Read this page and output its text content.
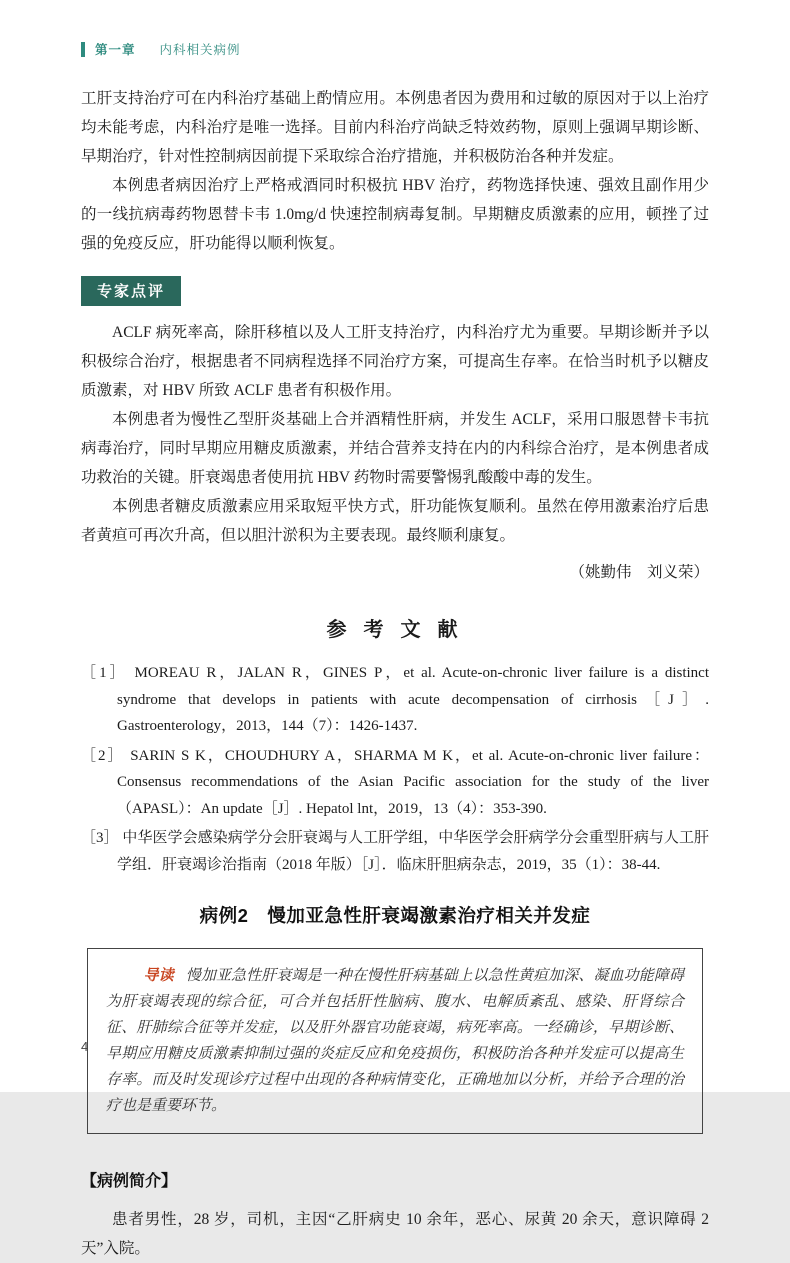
第一章 内科相关病例

工肝支持治疗可在内科治疗基础上酌情应用。本例患者因为费用和过敏的原因对于以上治疗均未能考虑，内科治疗是唯一选择。目前内科治疗尚缺乏特效药物，原则上强调早期诊断、早期治疗，针对性控制病因前提下采取综合治疗措施，并积极防治各种并发症。

本例患者病因治疗上严格戒酒同时积极抗 HBV 治疗，药物选择快速、强效且副作用少的一线抗病毒药物恩替卡韦 1.0mg/d 快速控制病毒复制。早期糖皮质激素的应用，顿挫了过强的免疫反应，肝功能得以顺利恢复。

专家点评

ACLF 病死率高，除肝移植以及人工肝支持治疗，内科治疗尤为重要。早期诊断并予以积极综合治疗，根据患者不同病程选择不同治疗方案，可提高生存率。在恰当时机予以糖皮质激素，对 HBV 所致 ACLF 患者有积极作用。

本例患者为慢性乙型肝炎基础上合并酒精性肝病，并发生 ACLF，采用口服恩替卡韦抗病毒治疗，同时早期应用糖皮质激素，并结合营养支持在内的内科综合治疗，是本例患者成功救治的关键。肝衰竭患者使用抗 HBV 药物时需要警惕乳酸酸中毒的发生。

本例患者糖皮质激素应用采取短平快方式，肝功能恢复顺利。虽然在停用激素治疗后患者黄疸可再次升高，但以胆汁淤积为主要表现。最终顺利康复。

（姚勤伟　刘义荣）

参 考 文 献
［1］ MOREAU R，JALAN R，GINES P，et al. Acute-on-chronic liver failure is a distinct syndrome that develops in patients with acute decompensation of cirrhosis［J］. Gastroenterology，2013，144（7）：1426-1437.
［2］ SARIN S K，CHOUDHURY A，SHARMA M K，et al. Acute-on-chronic liver failure：Consensus recommendations of the Asian Pacific association for the study of the liver（APASL）：An update［J］. Hepatol lnt，2019，13（4）：353-390.
［3］ 中华医学会感染病学分会肝衰竭与人工肝学组，中华医学会肝病学分会重型肝病与人工肝学组．肝衰竭诊治指南（2018 年版）［J］．临床肝胆病杂志，2019，35（1）：38-44.
病例2　慢加亚急性肝衰竭激素治疗相关并发症

导读 慢加亚急性肝衰竭是一种在慢性肝病基础上以急性黄疸加深、凝血功能障碍为肝衰竭表现的综合征，可合并包括肝性脑病、腹水、电解质紊乱、感染、肝肾综合征、肝肺综合征等并发症，以及肝外器官功能衰竭，病死率高。一经确诊，早期诊断、早期应用糖皮质激素抑制过强的炎症反应和免疫损伤，积极防治各种并发症可以提高生存率。而及时发现诊疗过程中出现的各种病情变化，正确地加以分析，并给予合理的治疗也是重要环节。

【病例简介】

患者男性，28 岁，司机，主因“乙肝病史 10 余年，恶心、尿黄 20 余天，意识障碍 2 天”入院。

4
